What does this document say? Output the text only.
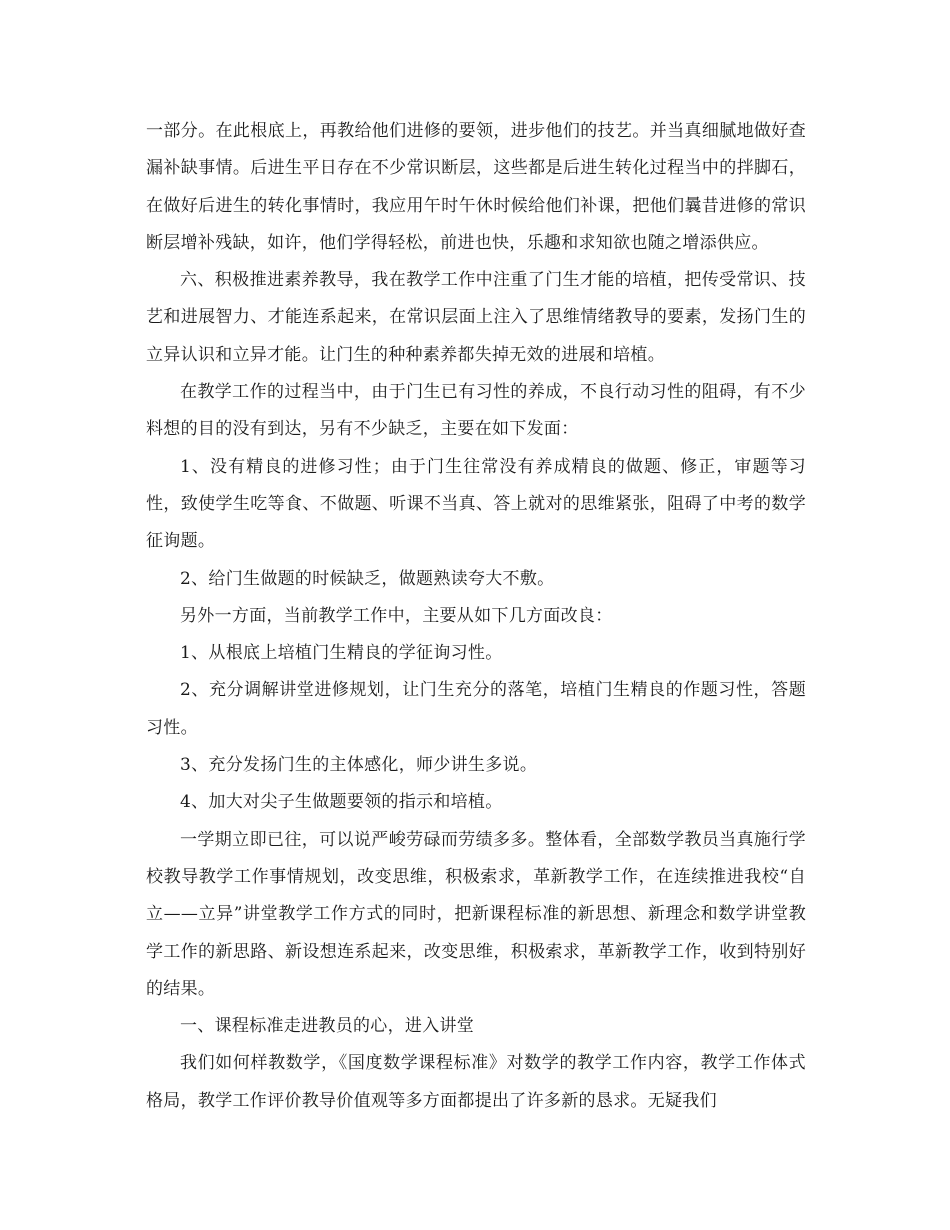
一部分。在此根底上，再教给他们进修的要领，进步他们的技艺。并当真细腻地做好查漏补缺事情。后进生平日存在不少常识断层，这些都是后进生转化过程当中的拌脚石，在做好后进生的转化事情时，我应用午时午休时候给他们补课，把他们曩昔进修的常识断层增补残缺，如许，他们学得轻松，前进也快，乐趣和求知欲也随之增添供应。

六、积极推进素养教导，我在教学工作中注重了门生才能的培植，把传受常识、技艺和进展智力、才能连系起来，在常识层面上注入了思维情绪教导的要素，发扬门生的立异认识和立异才能。让门生的种种素养都失掉无效的进展和培植。

在教学工作的过程当中，由于门生已有习性的养成，不良行动习性的阻碍，有不少料想的目的没有到达，另有不少缺乏，主要在如下发面：

1、没有精良的进修习性；由于门生往常没有养成精良的做题、修正，审题等习性，致使学生吃等食、不做题、听课不当真、答上就对的思维紧张，阻碍了中考的数学征询题。

2、给门生做题的时候缺乏，做题熟读夸大不敷。

另外一方面，当前教学工作中，主要从如下几方面改良：

1、从根底上培植门生精良的学征询习性。

2、充分调解讲堂进修规划，让门生充分的落笔，培植门生精良的作题习性，答题习性。

3、充分发扬门生的主体感化，师少讲生多说。

4、加大对尖子生做题要领的指示和培植。

一学期立即已往，可以说严峻劳碌而劳绩多多。整体看，全部数学教员当真施行学校教导教学工作事情规划，改变思维，积极索求，革新教学工作，在连续推进我校“自立——立异”讲堂教学工作方式的同时，把新课程标准的新思想、新理念和数学讲堂教学工作的新思路、新设想连系起来，改变思维，积极索求，革新教学工作，收到特别好的结果。

一、课程标准走进教员的心，进入讲堂

我们如何样教数学，《国度数学课程标准》对数学的教学工作内容，教学工作体式格局，教学工作评价教导价值观等多方面都提出了许多新的恳求。无疑我们
